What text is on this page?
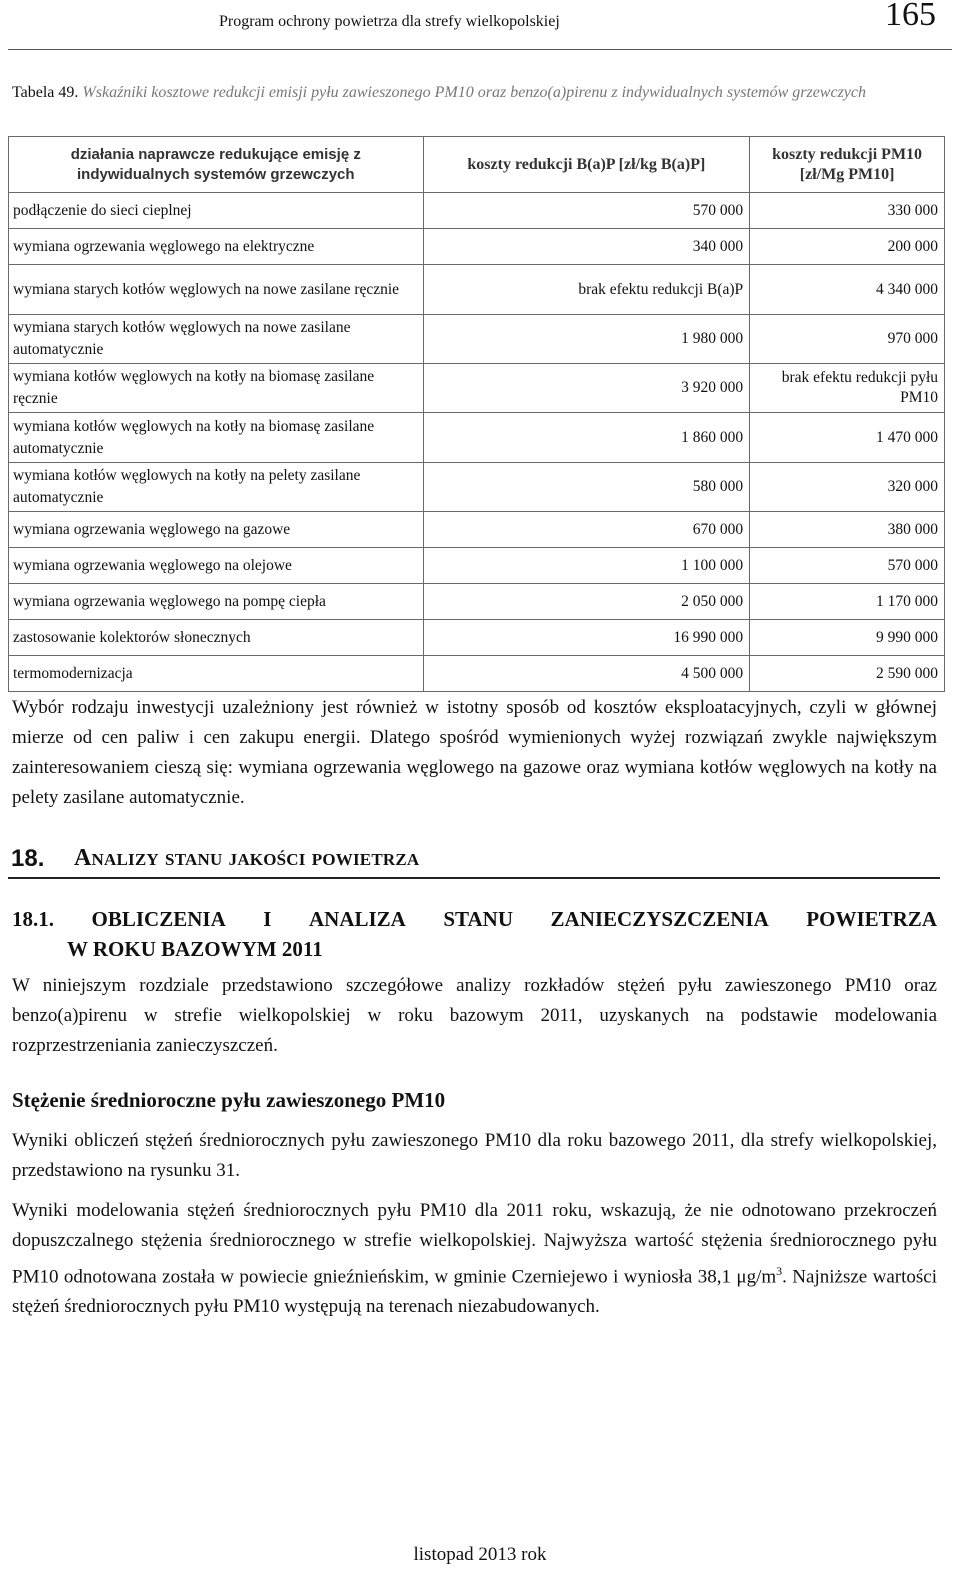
Program ochrony powietrza dla strefy wielkopolskiej	165
Tabela 49. Wskaźniki kosztowe redukcji emisji pyłu zawieszonego PM10 oraz benzo(a)pirenu z indywidualnych systemów grzewczych
działania naprawcze redukujące emisję z indywidualnych systemów grzewczych	koszty redukcji B(a)P [zł/kg B(a)P]	koszty redukcji PM10 [zł/Mg PM10]
podłączenie do sieci cieplnej	570 000	330 000
wymiana ogrzewania węglowego na elektryczne	340 000	200 000
wymiana starych kotłów węglowych na nowe zasilane ręcznie	brak efektu redukcji B(a)P	4 340 000
wymiana starych kotłów węglowych na nowe zasilane automatycznie	1 980 000	970 000
wymiana kotłów węglowych na kotły na biomasę zasilane ręcznie	3 920 000	brak efektu redukcji pyłu PM10
wymiana kotłów węglowych na kotły na biomasę zasilane automatycznie	1 860 000	1 470 000
wymiana kotłów węglowych na kotły na pelety zasilane automatycznie	580 000	320 000
wymiana ogrzewania węglowego na gazowe	670 000	380 000
wymiana ogrzewania węglowego na olejowe	1 100 000	570 000
wymiana ogrzewania węglowego na pompę ciepła	2 050 000	1 170 000
zastosowanie kolektorów słonecznych	16 990 000	9 990 000
termomodernizacja	4 500 000	2 590 000
Wybór rodzaju inwestycji uzależniony jest również w istotny sposób od kosztów eksploatacyjnych, czyli w głównej mierze od cen paliw i cen zakupu energii. Dlatego spośród wymienionych wyżej rozwiązań zwykle największym zainteresowaniem cieszą się: wymiana ogrzewania węglowego na gazowe oraz wymiana kotłów węglowych na kotły na pelety zasilane automatycznie.
18. Analizy stanu jakości powietrza
18.1. OBLICZENIA I ANALIZA STANU ZANIECZYSZCZENIA POWIETRZA
W ROKU BAZOWYM 2011
W niniejszym rozdziale przedstawiono szczegółowe analizy rozkładów stężeń pyłu zawieszonego PM10 oraz benzo(a)pirenu w strefie wielkopolskiej w roku bazowym 2011, uzyskanych na podstawie modelowania rozprzestrzeniania zanieczyszczeń.
Stężenie średnioroczne pyłu zawieszonego PM10
Wyniki obliczeń stężeń średniorocznych pyłu zawieszonego PM10 dla roku bazowego 2011, dla strefy wielkopolskiej, przedstawiono na rysunku 31.
Wyniki modelowania stężeń średniorocznych pyłu PM10 dla 2011 roku, wskazują, że nie odnotowano przekroczeń dopuszczalnego stężenia średniorocznego w strefie wielkopolskiej. Najwyższa wartość stężenia średniorocznego pyłu PM10 odnotowana została w powiecie gnieźnieńskim, w gminie Czerniejewo i wyniosła 38,1 $\mu g/m^3$. Najniższe wartości stężeń średniorocznych pyłu PM10 występują na terenach niezabudowanych.
listopad 2013 rok
